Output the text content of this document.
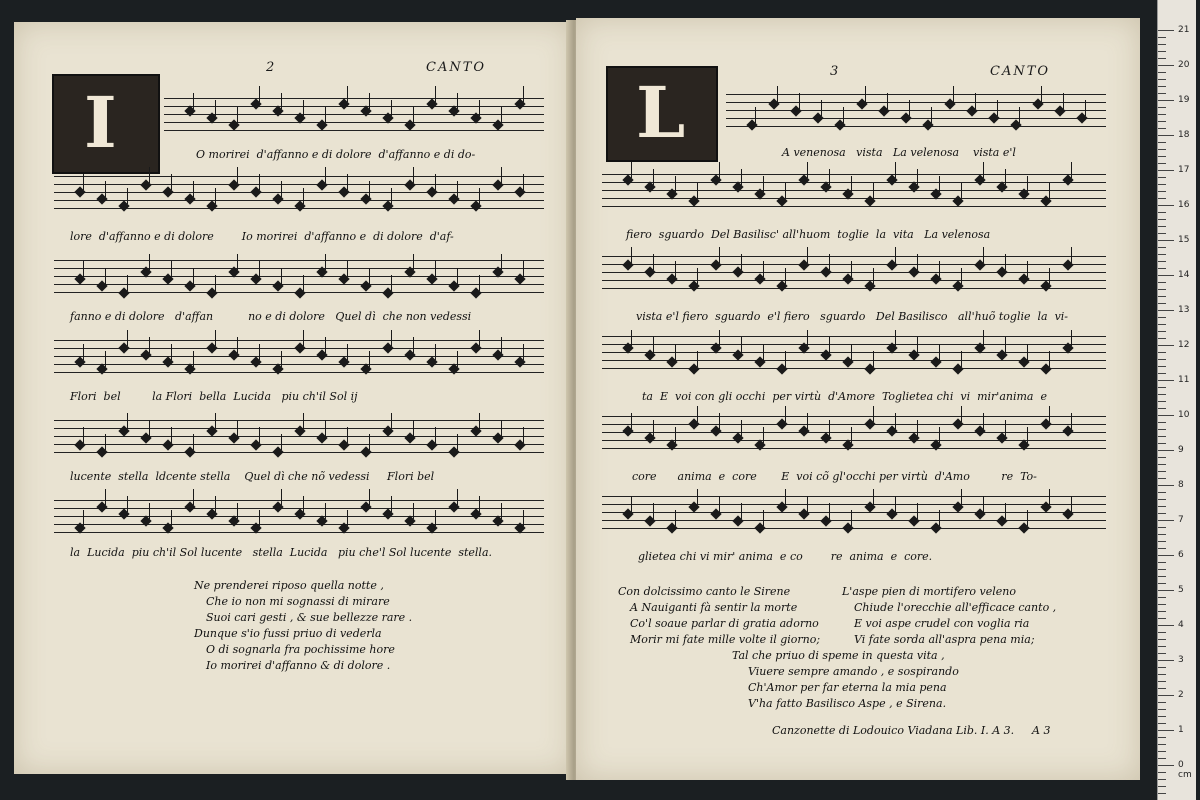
2	CANTO
I	O morirei  d'affanno e di dolore  d'affanno e di do-
lore  d'affanno e di dolore        Io morirei  d'affanno e  di dolore  d'af-
fanno e di dolore   d'affan          no e di dolore   Quel dì  che non vedessi
Flori  bel         la Flori  bella  Lucida   piu ch'il Sol ij
lucente  stella  ldcente stella    Quel dì che nõ vedessi     Flori bel
la  Lucida  piu ch'il Sol lucente   stella  Lucida   piu che'l Sol lucente  stella.
Ne prenderei riposo quella notte ,
Che io non mi sognassi di mirare
Suoi cari gesti , & sue bellezze rare .
Dunque s'io fussi priuo di vederla
O di sognarla fra pochissime hore
Io morirei d'affanno & di dolore .
3	CANTO
L	A venenosa   vista   La velenosa    vista e'l
fiero  sguardo  Del Basilisc' all'huom  toglie  la  vita   La velenosa
vista e'l fiero  sguardo  e'l fiero   sguardo   Del Basilisco   all'huõ toglie  la  vi-
ta  E  voi con gli occhi  per virtù  d'Amore  Toglietea chi  vi  mir'anima  e
core      anima  e  core       E  voi cõ gl'occhi per virtù  d'Amo         re  To-
glietea chi vi mir' anima  e co        re  anima  e  core.
Con dolcissimo canto le Sirene
A Nauiganti fà sentir la morte
Co'l soaue parlar di gratia adorno
Morir mi fate mille volte il giorno;
L'aspe pien di mortifero veleno
Chiude l'orecchie all'efficace canto ,
E voi aspe crudel con voglia ria
Vi fate sorda all'aspra pena mia;
Tal che priuo di speme in questa vita ,
Viuere sempre amando , e sospirando
Ch'Amor per far eterna la mia pena
V'ha fatto Basilisco Aspe , e Sirena.
Canzonette di Lodouico Viadana Lib. I. A 3. A 3
21
20
19
18
17
16
15
14
13
12
11
10
9
8
7
6
5
4
3
2
1
0 cm
